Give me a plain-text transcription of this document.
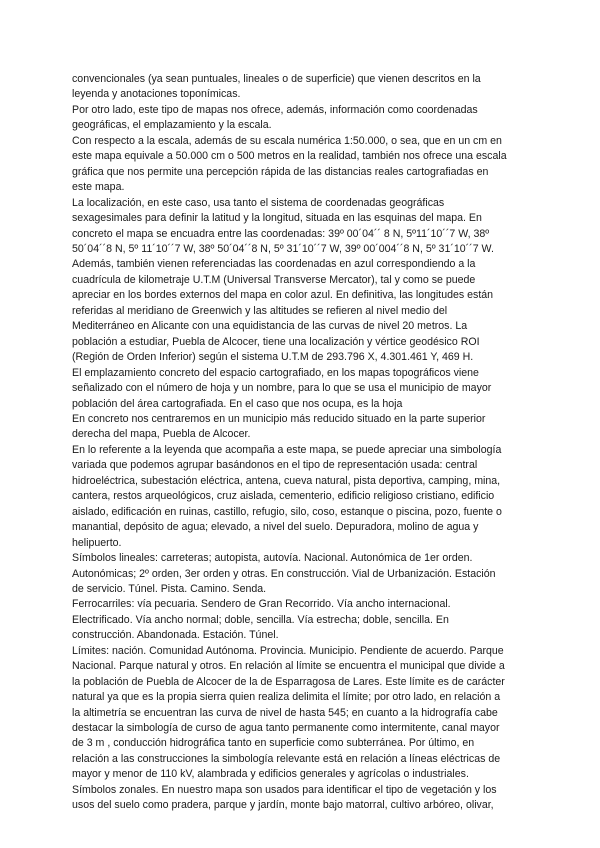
convencionales (ya sean puntuales, lineales o de superficie) que vienen descritos en la
leyenda y anotaciones toponímicas.

Por otro lado, este tipo de mapas nos ofrece, además, información como coordenadas
geográficas, el emplazamiento y la escala.

Con respecto a la escala, además de su escala numérica 1:50.000, o sea, que en un cm en
este mapa equivale a 50.000 cm o 500 metros en la realidad, también nos ofrece una escala
gráfica que nos permite una percepción rápida de las distancias reales cartografiadas en
este mapa.

La localización, en este caso, usa tanto el sistema de coordenadas geográficas
sexagesimales para definir la latitud y la longitud, situada en las esquinas del mapa. En
concreto el mapa se encuadra entre las coordenadas: 39º 00´04´´ 8 N, 5º11´10´´7 W, 38º
50´04´´8 N, 5º 11´10´´7 W, 38º 50´04´´8 N, 5º 31´10´´7 W, 39º 00´004´´8 N, 5º 31´10´´7 W.
Además, también vienen referenciadas las coordenadas en azul correspondiendo a la
cuadrícula de kilometraje U.T.M (Universal Transverse Mercator), tal y como se puede
apreciar en los bordes externos del mapa en color azul. En definitiva, las longitudes están
referidas al meridiano de Greenwich y las altitudes se refieren al nivel medio del
Mediterráneo en Alicante con una equidistancia de las curvas de nivel 20 metros. La
población a estudiar, Puebla de Alcocer, tiene una localización y vértice geodésico ROI
(Región de Orden Inferior) según el sistema U.T.M de 293.796 X, 4.301.461 Y, 469 H.

El emplazamiento concreto del espacio cartografiado, en los mapas topográficos viene
señalizado con el número de hoja y un nombre, para lo que se usa el municipio de mayor
población del área cartografiada. En el caso que nos ocupa, es la hoja

En concreto nos centraremos en un municipio más reducido situado en la parte superior
derecha del mapa, Puebla de Alcocer.

En lo referente a la leyenda que acompaña a este mapa, se puede apreciar una simbología
variada que podemos agrupar basándonos en el tipo de representación usada: central
hidroeléctrica, subestación eléctrica, antena, cueva natural, pista deportiva, camping, mina,
cantera, restos arqueológicos, cruz aislada, cementerio, edificio religioso cristiano, edificio
aislado, edificación en ruinas, castillo, refugio, silo, coso, estanque o piscina, pozo, fuente o
manantial, depósito de agua; elevado, a nivel del suelo. Depuradora, molino de agua y
helipuerto.

Símbolos lineales: carreteras; autopista, autovía. Nacional. Autonómica de 1er orden.
Autonómicas; 2º orden, 3er orden y otras. En construcción. Vial de Urbanización. Estación
de servicio. Túnel. Pista. Camino. Senda.

Ferrocarriles: vía pecuaria. Sendero de Gran Recorrido. Vía ancho internacional.
Electrificado. Vía ancho normal; doble, sencilla. Vía estrecha; doble, sencilla. En
construcción. Abandonada. Estación. Túnel.

Límites: nación. Comunidad Autónoma. Provincia. Municipio. Pendiente de acuerdo. Parque
Nacional. Parque natural y otros. En relación al límite se encuentra el municipal que divide a
la población de Puebla de Alcocer de la de Esparragosa de Lares. Este límite es de carácter
natural ya que es la propia sierra quien realiza delimita el límite; por otro lado, en relación a
la altimetría se encuentran las curva de nivel de hasta 545; en cuanto a la hidrografía cabe
destacar la simbología de curso de agua tanto permanente como intermitente, canal mayor
de 3 m , conducción hidrográfica tanto en superficie como subterránea. Por último, en
relación a las construcciones la simbología relevante está en relación a líneas eléctricas de
mayor y menor de 110 kV, alambrada y edificios generales y agrícolas o industriales.

Símbolos zonales. En nuestro mapa son usados para identificar el tipo de vegetación y los
usos del suelo como pradera, parque y jardín, monte bajo matorral, cultivo arbóreo, olivar,
